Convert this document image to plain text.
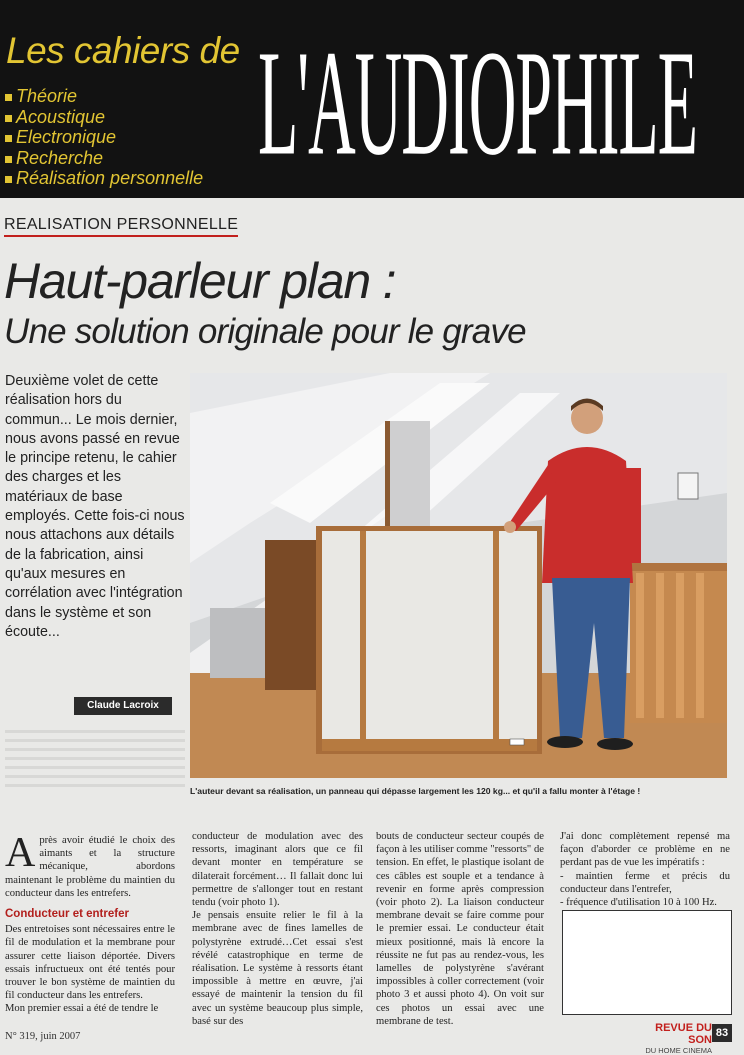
Les cahiers de L'AUDIOPHILE
Théorie
Acoustique
Electronique
Recherche
Réalisation personnelle
REALISATION PERSONNELLE
Haut-parleur plan :
Une solution originale pour le grave

Deuxième volet de cette réalisation hors du commun... Le mois dernier, nous avons passé en revue le principe retenu, le cahier des charges et les matériaux de base employés. Cette fois-ci nous nous attachons aux détails de la fabrication, ainsi qu'aux mesures en corrélation avec l'intégration dans le système et son écoute...

Claude Lacroix
L'auteur devant sa réalisation, un panneau qui dépasse largement les 120 kg... et qu'il a fallu monter à l'étage !
A près avoir étudié le choix des aimants et la structure mécanique, abordons maintenant le problème du maintien du conducteur dans les entrefers.

Conducteur et entrefer

Des entretoises sont nécessaires entre le fil de modulation et la membrane pour assurer cette liaison déportée. Divers essais infructueux ont été tentés pour trouver le bon système de maintien du fil conducteur dans les entrefers.

Mon premier essai a été de tendre le

conducteur de modulation avec des ressorts, imaginant alors que ce fil devant monter en température se dilaterait forcément… Il fallait donc lui permettre de s'allonger tout en restant tendu (voir photo 1).

Je pensais ensuite relier le fil à la membrane avec de fines lamelles de polystyrène extrudé…Cet essai s'est révélé catastrophique en terme de réalisation. Le système à ressorts étant impossible à mettre en œuvre, j'ai essayé de maintenir la tension du fil avec un système beaucoup plus simple, basé sur des

bouts de conducteur secteur coupés de façon à les utiliser comme "ressorts" de tension. En effet, le plastique isolant de ces câbles est souple et a tendance à revenir en forme après compression (voir photo 2). La liaison conducteur membrane devait se faire comme pour le premier essai. Le conducteur était mieux positionné, mais là encore la réussite ne fut pas au rendez-vous, les lamelles de polystyrène s'avérant impossibles à coller correctement (voir photo 3 et aussi photo 4). On voit sur ces photos un essai avec une membrane de test.

J'ai donc complètement repensé ma façon d'aborder ce problème en ne perdant pas de vue les impératifs :

- maintien ferme et précis du conducteur dans l'entrefer,

- fréquence d'utilisation 10 à 100 Hz.

N° 319, juin 2007
REVUE DU SON
DU HOME CINEMA
83
